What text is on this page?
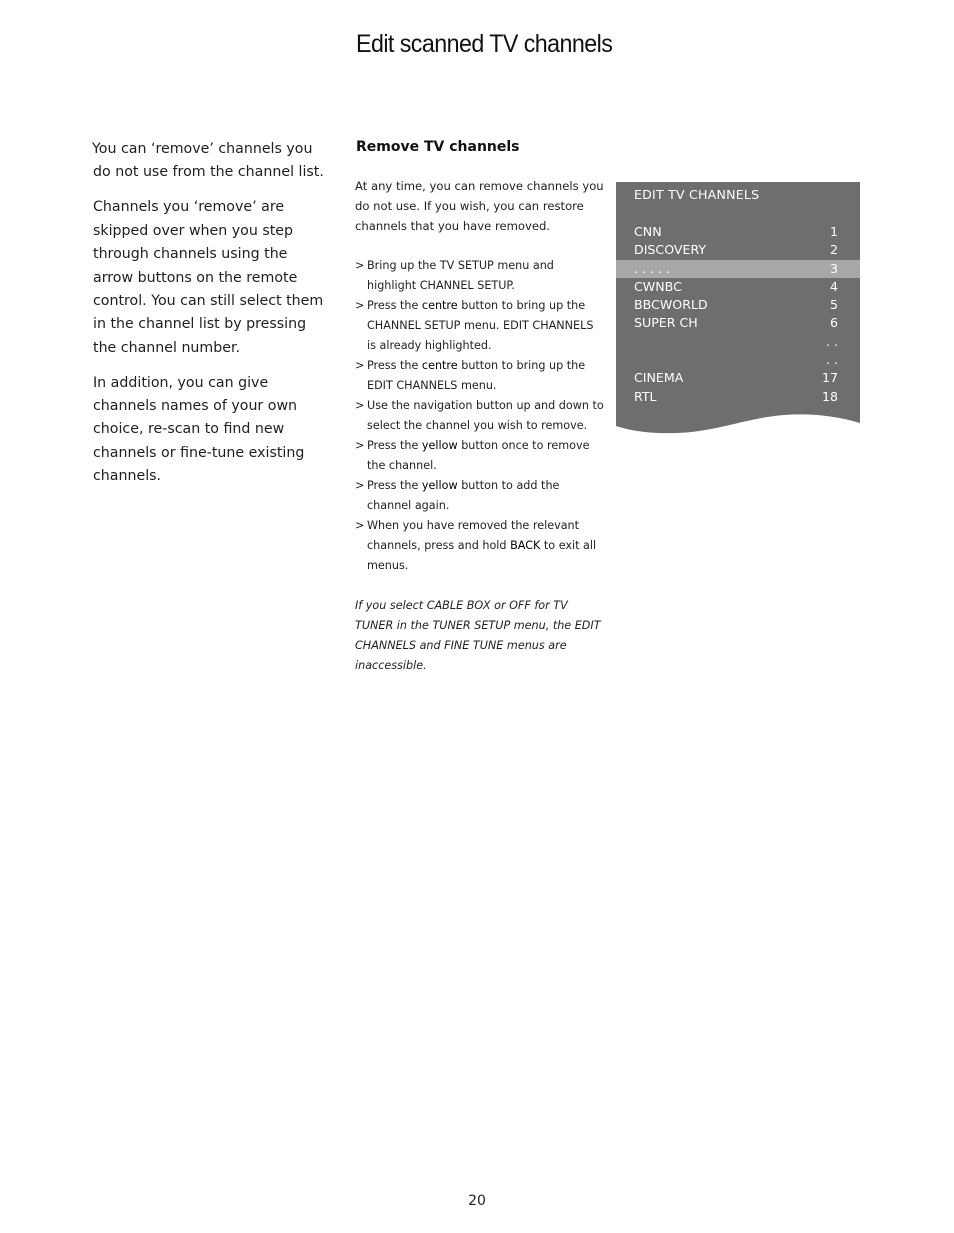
Edit scanned TV channels

You can ‘remove’ channels you do not use from the channel list.

Channels you ‘remove’ are skipped over when you step through channels using the arrow buttons on the remote control. You can still select them in the channel list by pressing the channel number.

In addition, you can give channels names of your own choice, re-scan to find new channels or fine-tune existing channels.

Remove TV channels

At any time, you can remove channels you do not use. If you wish, you can restore channels that you have removed.

> Bring up the TV SETUP menu and highlight CHANNEL SETUP.
> Press the centre button to bring up the CHANNEL SETUP menu. EDIT CHANNELS is already highlighted.
> Press the centre button to bring up the EDIT CHANNELS menu.
> Use the navigation button up and down to select the channel you wish to remove.
> Press the yellow button once to remove the channel.
> Press the yellow button to add the channel again.
> When you have removed the relevant channels, press and hold BACK to exit all menus.

If you select CABLE BOX or OFF for TV TUNER in the TUNER SETUP menu, the EDIT CHANNELS and FINE TUNE menus are inaccessible.

EDIT TV CHANNELS
CNN	1
DISCOVERY	2
. . . . .	3
CWNBC	4
BBCWORLD	5
SUPER CH	6
. .
. .
CINEMA	17
RTL	18
20
